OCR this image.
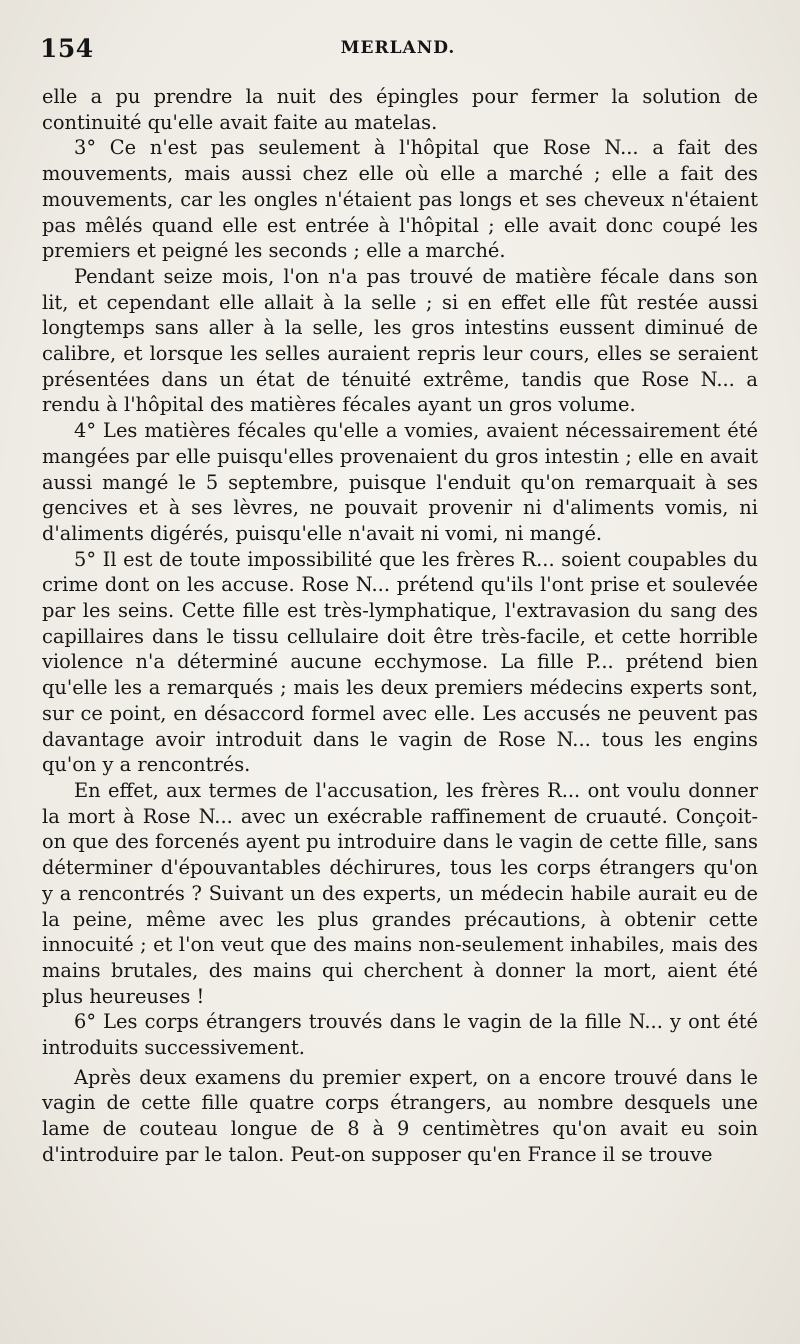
154	MERLAND.

elle a pu prendre la nuit des épingles pour fermer la solution de continuité qu'elle avait faite au matelas.

3° Ce n'est pas seulement à l'hôpital que Rose N... a fait des mouvements, mais aussi chez elle où elle a marché ; elle a fait des mouvements, car les ongles n'étaient pas longs et ses cheveux n'étaient pas mêlés quand elle est entrée à l'hôpital ; elle avait donc coupé les premiers et peigné les seconds ; elle a marché.

Pendant seize mois, l'on n'a pas trouvé de matière fécale dans son lit, et cependant elle allait à la selle ; si en effet elle fût restée aussi longtemps sans aller à la selle, les gros intestins eussent diminué de calibre, et lorsque les selles auraient repris leur cours, elles se seraient présentées dans un état de ténuité extrême, tandis que Rose N... a rendu à l'hôpital des matières fécales ayant un gros volume.

4° Les matières fécales qu'elle a vomies, avaient nécessairement été mangées par elle puisqu'elles provenaient du gros intestin ; elle en avait aussi mangé le 5 septembre, puisque l'enduit qu'on remarquait à ses gencives et à ses lèvres, ne pouvait provenir ni d'aliments vomis, ni d'aliments digérés, puisqu'elle n'avait ni vomi, ni mangé.

5° Il est de toute impossibilité que les frères R... soient coupables du crime dont on les accuse. Rose N... prétend qu'ils l'ont prise et soulevée par les seins. Cette fille est très-lymphatique, l'extravasion du sang des capillaires dans le tissu cellulaire doit être très-facile, et cette horrible violence n'a déterminé aucune ecchymose. La fille P... prétend bien qu'elle les a remarqués ; mais les deux premiers médecins experts sont, sur ce point, en désaccord formel avec elle. Les accusés ne peuvent pas davantage avoir introduit dans le vagin de Rose N... tous les engins qu'on y a rencontrés.

En effet, aux termes de l'accusation, les frères R... ont voulu donner la mort à Rose N... avec un exécrable raffinement de cruauté. Conçoit-on que des forcenés ayent pu introduire dans le vagin de cette fille, sans déterminer d'épouvantables déchirures, tous les corps étrangers qu'on y a rencontrés ? Suivant un des experts, un médecin habile aurait eu de la peine, même avec les plus grandes précautions, à obtenir cette innocuité ; et l'on veut que des mains non-seulement inhabiles, mais des mains brutales, des mains qui cherchent à donner la mort, aient été plus heureuses !

6° Les corps étrangers trouvés dans le vagin de la fille N... y ont été introduits successivement.

Après deux examens du premier expert, on a encore trouvé dans le vagin de cette fille quatre corps étrangers, au nombre desquels une lame de couteau longue de 8 à 9 centimètres qu'on avait eu soin d'introduire par le talon. Peut-on supposer qu'en France il se trouve
